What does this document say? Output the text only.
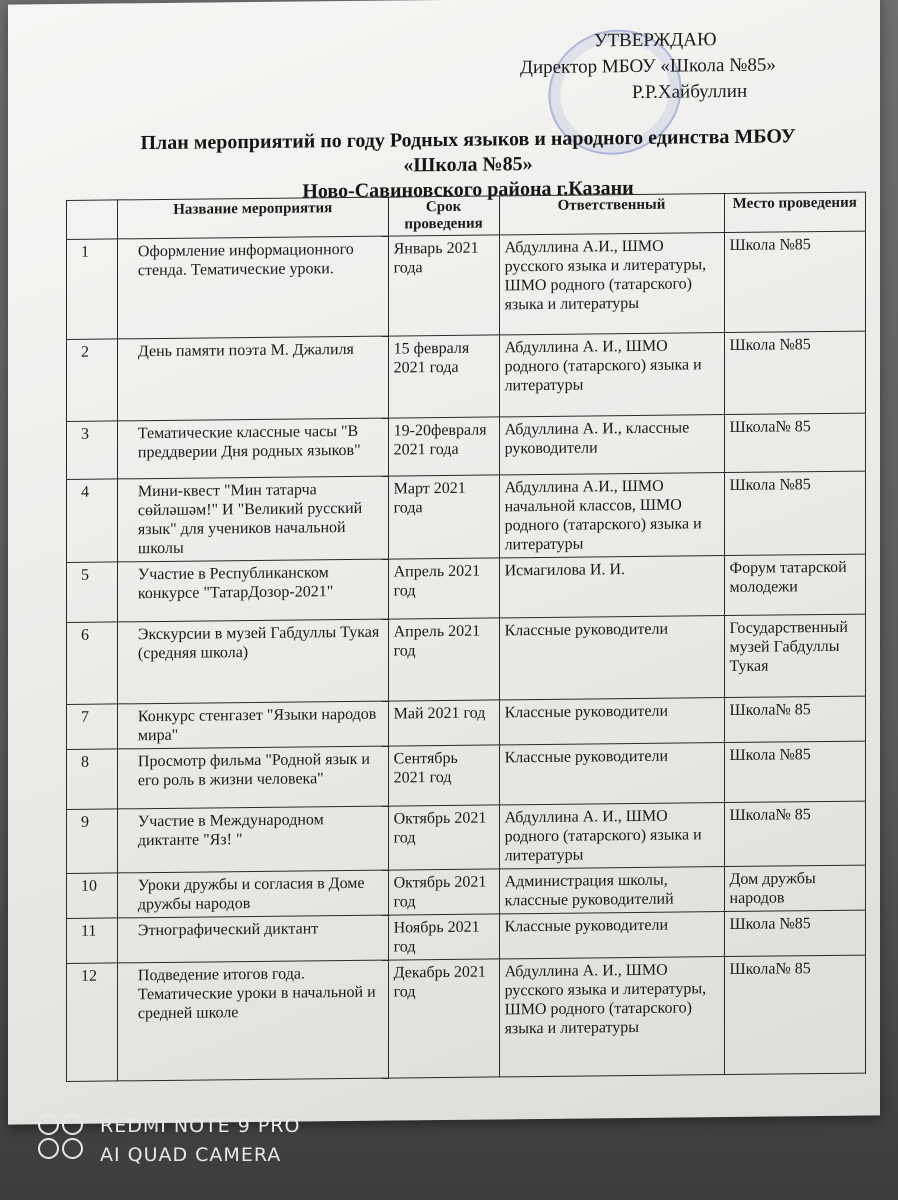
УТВЕРЖДАЮ
Директор МБОУ «Школа №85»
Р.Р.Хайбуллин
План мероприятий по году Родных языков и народного единства МБОУ
«Школа №85»
Ново-Савиновского района г.Казани
	Название мероприятия	Срок проведения	Ответственный	Место проведения
1	Оформление информационного стенда. Тематические уроки.	Январь 2021 года	Абдуллина А.И., ШМО русского языка и литературы, ШМО родного (татарского) языка и литературы	Школа №85
2	День памяти поэта М. Джалиля	15 февраля 2021 года	Абдуллина А. И., ШМО родного (татарского) языка и литературы	Школа №85
3	Тематические классные часы "В преддверии Дня родных языков"	19-20февраля 2021 года	Абдуллина А. И., классные руководители	Школа№ 85
4	Мини-квест "Мин татарча сөйләшәм!" И "Великий русский язык" для учеников начальной школы	Март 2021 года	Абдуллина А.И., ШМО начальной классов, ШМО родного (татарского) языка и литературы	Школа №85
5	Участие в Республиканском конкурсе "ТатарДозор-2021"	Апрель 2021 год	Исмагилова И. И.	Форум татарской молодежи
6	Экскурсии в музей Габдуллы Тукая (средняя школа)	Апрель 2021 год	Классные руководители	Государственный музей Габдуллы Тукая
7	Конкурс стенгазет "Языки народов мира"	Май 2021 год	Классные руководители	Школа№ 85
8	Просмотр фильма "Родной язык и его роль в жизни человека"	Сентябрь 2021 год	Классные руководители	Школа №85
9	Участие в Международном диктанте "Яз! "	Октябрь 2021 год	Абдуллина А. И., ШМО родного (татарского) языка и литературы	Школа№ 85
10	Уроки дружбы и согласия в Доме дружбы народов	Октябрь 2021 год	Администрация школы, классные руководителий	Дом дружбы народов
11	Этнографический диктант	Ноябрь 2021 год	Классные руководители	Школа №85
12	Подведение итогов года. Тематические уроки в начальной и средней школе	Декабрь 2021 год	Абдуллина А. И., ШМО русского языка и литературы, ШМО родного (татарского) языка и литературы	Школа№ 85
REDMI NOTE 9 PRO
AI QUAD CAMERA
